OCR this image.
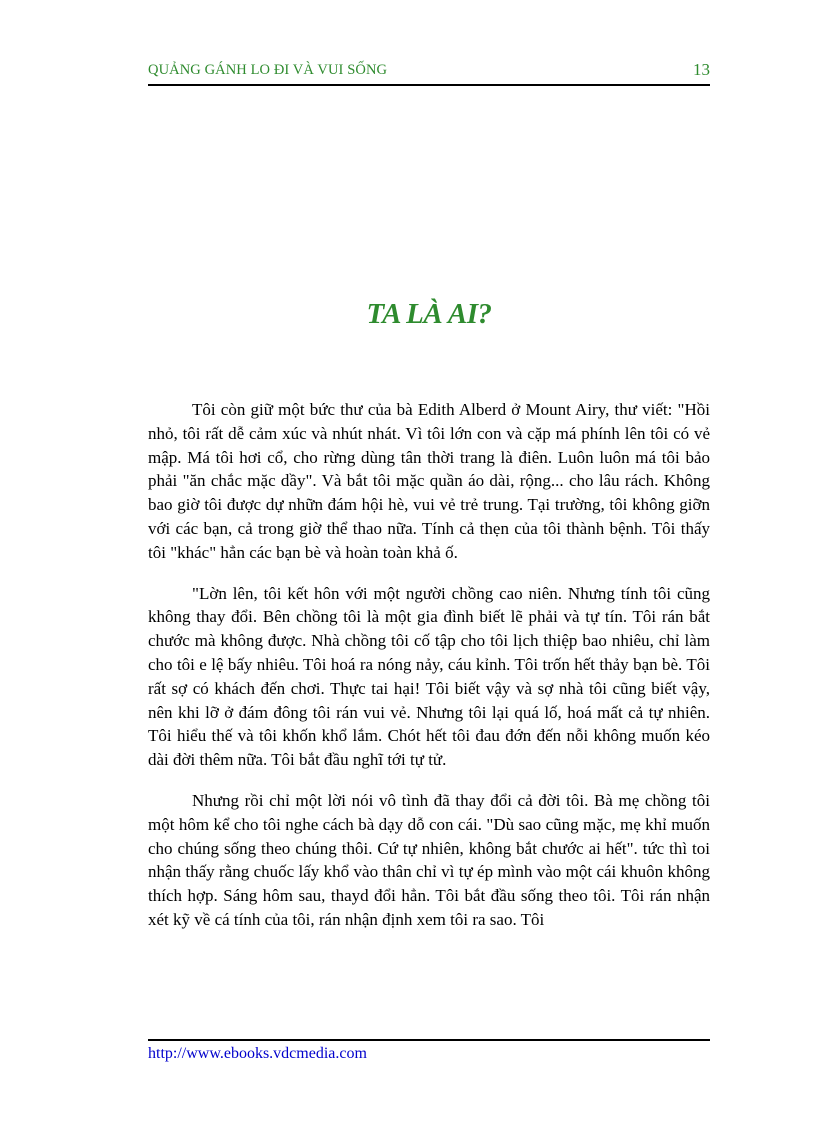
QUẢNG GÁNH LO ĐI VÀ VUI SỐNG	13
TA LÀ AI?

Tôi còn giữ một bức thư của bà Edith Alberd ở Mount Airy, thư viết: "Hồi nhỏ, tôi rất dễ cảm xúc và nhút nhát. Vì tôi lớn con và cặp má phính lên tôi có vẻ mập. Má tôi hơi cổ, cho rừng dùng tân thời trang là điên. Luôn luôn má tôi bảo phải "ăn chắc mặc dầy". Và bắt tôi mặc quần áo dài, rộng... cho lâu rách. Không bao giờ tôi được dự nhữn đám hội hè, vui vẻ trẻ trung. Tại trường, tôi không giỡn với các bạn, cả trong giờ thể thao nữa. Tính cả thẹn của tôi thành bệnh. Tôi thấy tôi "khác" hẳn các bạn bè và hoàn toàn khả ố.

"Lờn lên, tôi kết hôn với một người chồng cao niên. Nhưng tính tôi cũng không thay đổi. Bên chồng tôi là một gia đình biết lẽ phải và tự tín. Tôi rán bắt chước mà không được. Nhà chồng tôi cố tập cho tôi lịch thiệp bao nhiêu, chỉ làm cho tôi e lệ bấy nhiêu. Tôi hoá ra nóng nảy, cáu kỉnh. Tôi trốn hết thảy bạn bè. Tôi rất sợ có khách đến chơi. Thực tai hại! Tôi biết vậy và sợ nhà tôi cũng biết vậy, nên khi lỡ ở đám đông tôi rán vui vẻ. Nhưng tôi lại quá lố, hoá mất cả tự nhiên. Tôi hiểu thế và tôi khốn khổ lắm. Chót hết tôi đau đớn đến nỗi không muốn kéo dài đời thêm nữa. Tôi bắt đầu nghĩ tới tự tử.

Nhưng rồi chỉ một lời nói vô tình đã thay đổi cả đời tôi. Bà mẹ chồng tôi một hôm kể cho tôi nghe cách bà dạy dỗ con cái. "Dù sao cũng mặc, mẹ khỉ muốn cho chúng sống theo chúng thôi. Cứ tự nhiên, không bắt chước ai hết". tức thì toi nhận thấy rằng chuốc lấy khổ vào thân chỉ vì tự ép mình vào một cái khuôn không thích hợp. Sáng hôm sau, thayd đổi hẳn. Tôi bắt đầu sống theo tôi. Tôi rán nhận xét kỹ về cá tính của tôi, rán nhận định xem tôi ra sao. Tôi

http://www.ebooks.vdcmedia.com
